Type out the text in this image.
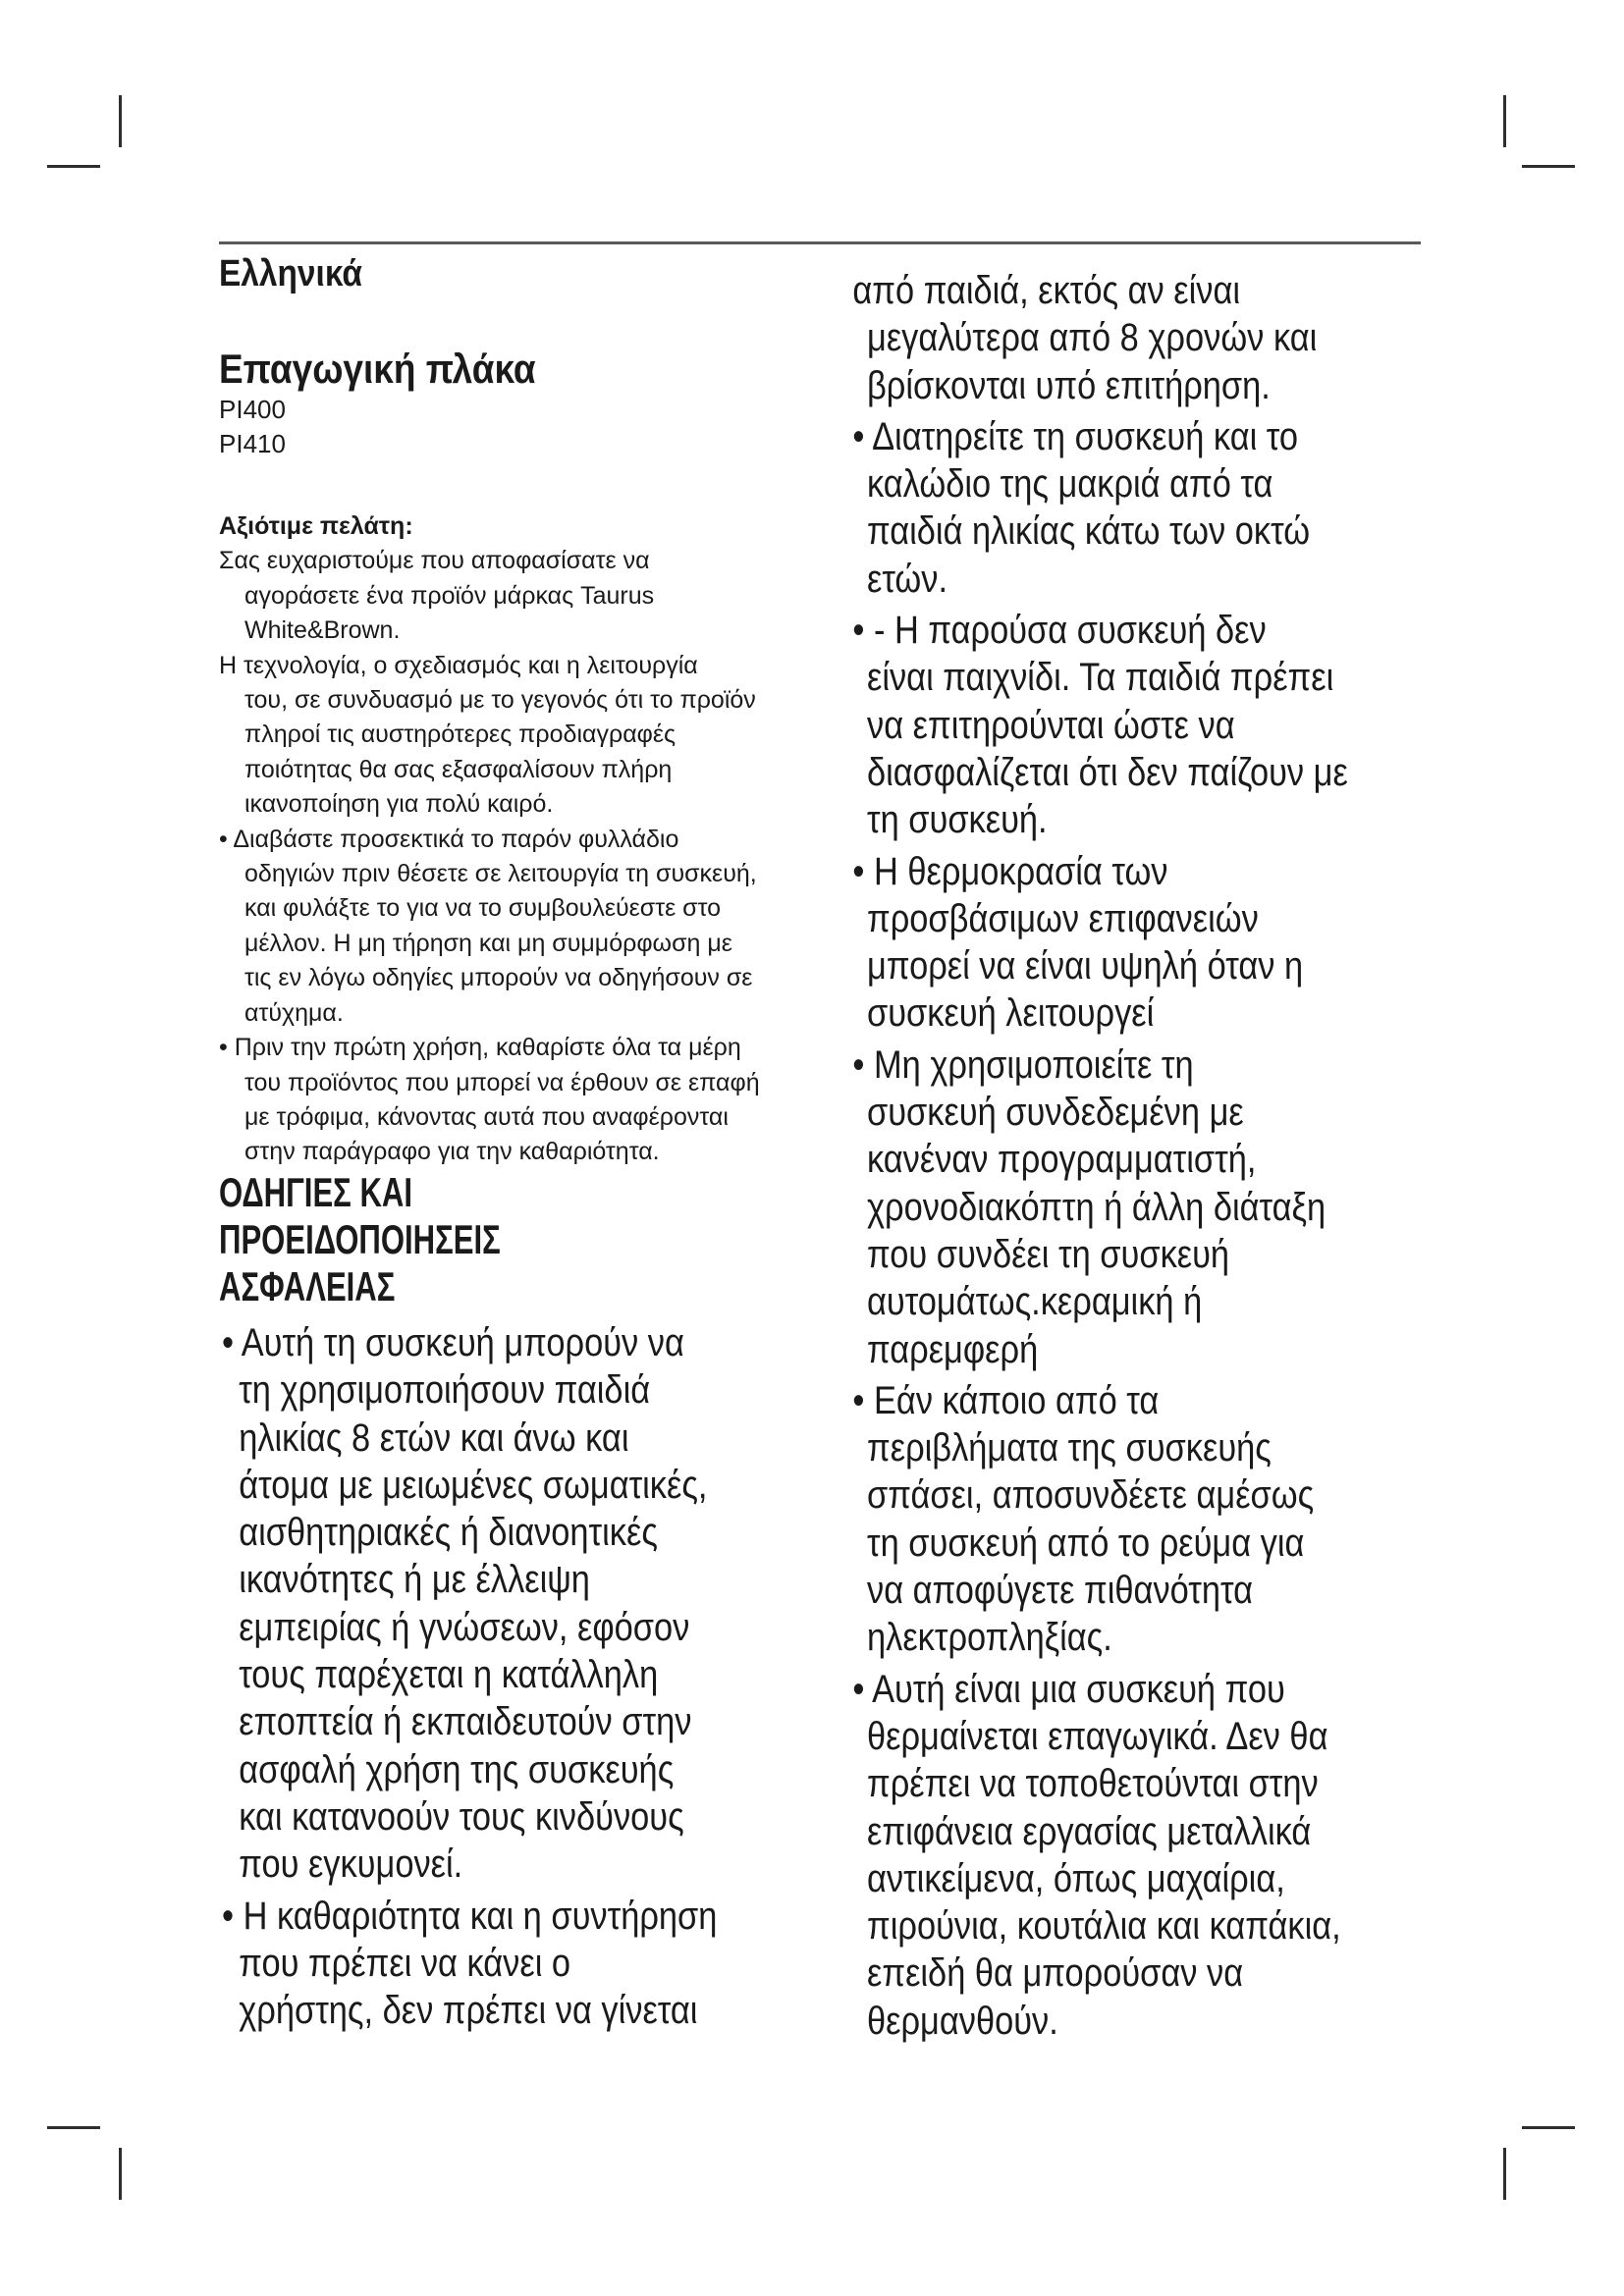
Ελληνικά
Επαγωγική πλάκα
PI400
PI410
Αξιότιμε πελάτη:
Σας ευχαριστούμε που αποφασίσατε να
αγοράσετε ένα προϊόν μάρκας Taurus
White&Brown.
Η τεχνολογία, ο σχεδιασμός και η λειτουργία
του, σε συνδυασμό με το γεγονός ότι το προϊόν
πληροί τις αυστηρότερες προδιαγραφές
ποιότητας θα σας εξασφαλίσουν πλήρη
ικανοποίηση για πολύ καιρό.
• Διαβάστε προσεκτικά το παρόν φυλλάδιο
οδηγιών πριν θέσετε σε λειτουργία τη συσκευή,
και φυλάξτε το για να το συμβουλεύεστε στο
μέλλον. Η μη τήρηση και μη συμμόρφωση με
τις εν λόγω οδηγίες μπορούν να οδηγήσουν σε
ατύχημα.
• Πριν την πρώτη χρήση, καθαρίστε όλα τα μέρη
του προϊόντος που μπορεί να έρθουν σε επαφή
με τρόφιμα, κάνοντας αυτά που αναφέρονται
στην παράγραφο για την καθαριότητα.
ΟΔΗΓΙΕΣ ΚΑΙ
ΠΡΟΕΙΔΟΠΟΙΗΣΕΙΣ
ΑΣΦΑΛΕΙΑΣ
• Αυτή τη συσκευή μπορούν να
τη χρησιμοποιήσουν παιδιά
ηλικίας 8 ετών και άνω και
άτομα με μειωμένες σωματικές,
αισθητηριακές ή διανοητικές
ικανότητες ή με έλλειψη
εμπειρίας ή γνώσεων, εφόσον
τους παρέχεται η κατάλληλη
εποπτεία ή εκπαιδευτούν στην
ασφαλή χρήση της συσκευής
και κατανοούν τους κινδύνους
που εγκυμονεί.
• Η καθαριότητα και η συντήρηση
που πρέπει να κάνει ο
χρήστης, δεν πρέπει να γίνεται
από παιδιά, εκτός αν είναι
μεγαλύτερα από 8 χρονών και
βρίσκονται υπό επιτήρηση.
• Διατηρείτε τη συσκευή και το
καλώδιο της μακριά από τα
παιδιά ηλικίας κάτω των οκτώ
ετών.
• - Η παρούσα συσκευή δεν
είναι παιχνίδι. Τα παιδιά πρέπει
να επιτηρούνται ώστε να
διασφαλίζεται ότι δεν παίζουν με
τη συσκευή.
• Η θερμοκρασία των
προσβάσιμων επιφανειών
μπορεί να είναι υψηλή όταν η
συσκευή λειτουργεί
• Μη χρησιμοποιείτε τη
συσκευή συνδεδεμένη με
κανέναν προγραμματιστή,
χρονοδιακόπτη ή άλλη διάταξη
που συνδέει τη συσκευή
αυτομάτως.κεραμική ή
παρεμφερή
• Εάν κάποιο από τα
περιβλήματα της συσκευής
σπάσει, αποσυνδέετε αμέσως
τη συσκευή από το ρεύμα για
να αποφύγετε πιθανότητα
ηλεκτροπληξίας.
• Αυτή είναι μια συσκευή που
θερμαίνεται επαγωγικά. Δεν θα
πρέπει να τοποθετούνται στην
επιφάνεια εργασίας μεταλλικά
αντικείμενα, όπως μαχαίρια,
πιρούνια, κουτάλια και καπάκια,
επειδή θα μπορούσαν να
θερμανθούν.
